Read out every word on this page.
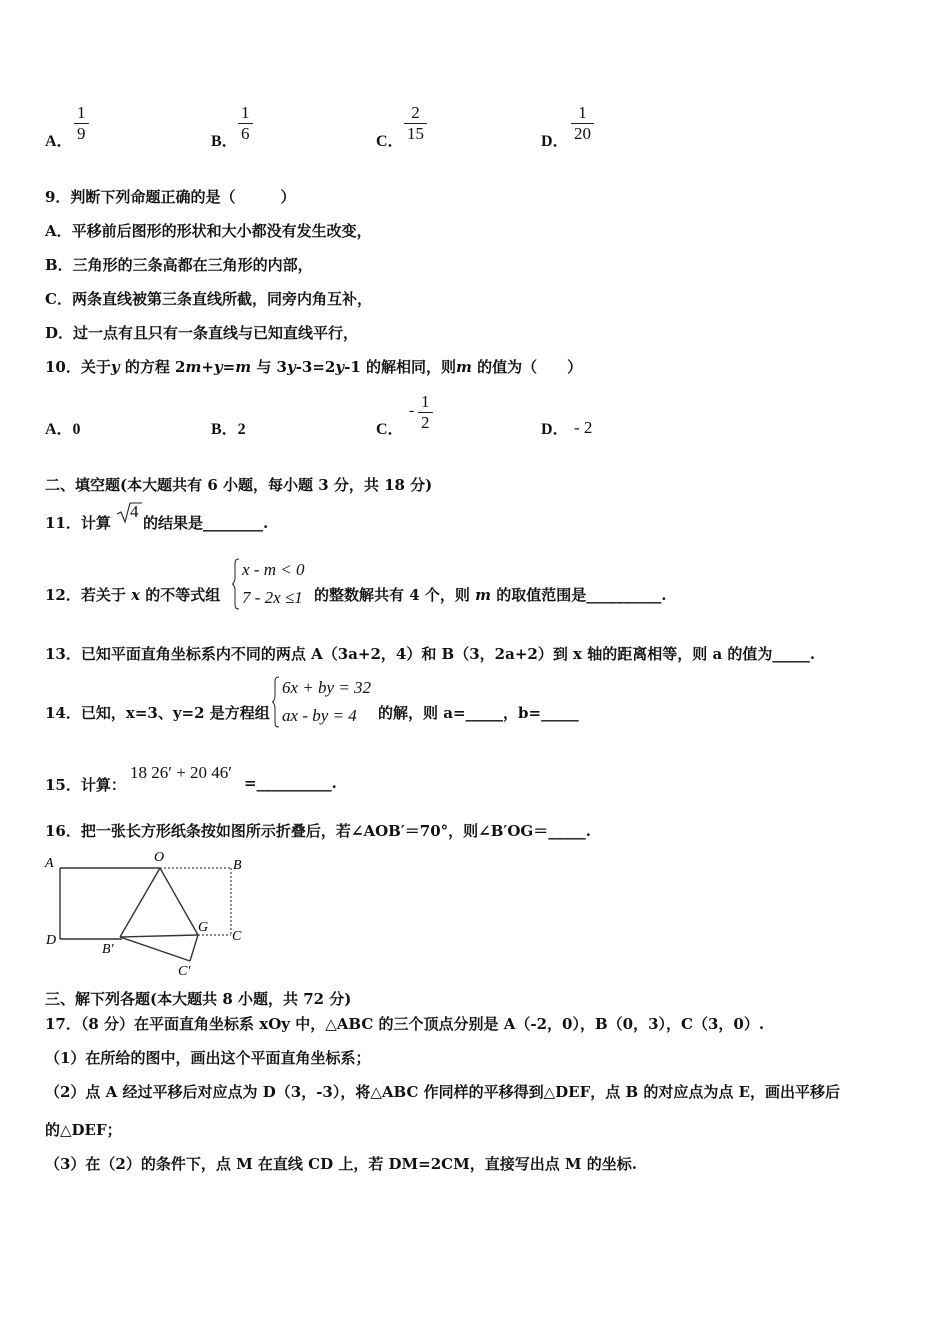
A．
1
9	B．
1
6	C．
2
15	D．
1
20
9．判断下列命题正确的是（　　　）
A．平移前后图形的形状和大小都没有发生改变，
B．三角形的三条高都在三角形的内部，
C．两条直线被第三条直线所截，同旁内角互补，
D．过一点有且只有一条直线与已知直线平行，
10．关于y 的方程 2m+y=m 与 3y-3=2y-1 的解相同，则m 的值为（　　）
A．0	B．2	C．
- 1
2	D． - 2
二、填空题(本大题共有 6 小题，每小题 3 分，共 18 分)
11．计算
4
的结果是________.
12．若关于 x 的不等式组
x - m < 0
7 - 2x ≤1 的整数解共有 4 个，则 m 的取值范围是__________.
13．已知平面直角坐标系内不同的两点 A（3a+2，4）和 B（3，2a+2）到 x 轴的距离相等，则 a 的值为_____.
14．已知，x=3、y=2 是方程组
6x + by = 32
ax - by = 4 的解，则 a=_____，b=_____
15．计算：
18 26′ + 20 46′
=__________.
16．把一张长方形纸条按如图所示折叠后，若∠AOB′＝70°，则∠B′OG＝_____.
A	O
B
D
B′
G
C
C′
三、解下列各题(本大题共 8 小题，共 72 分)
17．（8 分）在平面直角坐标系 xOy 中，△ABC 的三个顶点分别是 A（-2，0），B（0，3），C（3，0）.
（1）在所给的图中，画出这个平面直角坐标系；
（2）点 A 经过平移后对应点为 D（3，-3），将△ABC 作同样的平移得到△DEF，点 B 的对应点为点 E，画出平移后
的△DEF；
（3）在（2）的条件下，点 M 在直线 CD 上，若 DM=2CM，直接写出点 M 的坐标.
